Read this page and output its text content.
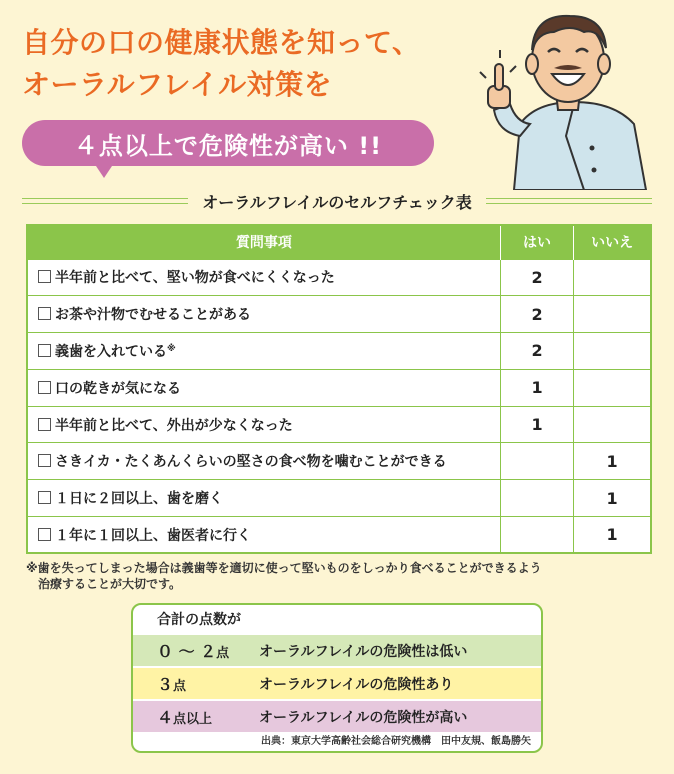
自分の口の健康状態を知って、
オーラルフレイル対策を
４点以上で危険性が高い !!
オーラルフレイルのセルフチェック表
質問事項	はい	いいえ
半年前と比べて、堅い物が食べにくくなった	2	
お茶や汁物でむせることがある	2	
義歯を入れている※	2	
口の乾きが気になる	1	
半年前と比べて、外出が少なくなった	1	
さきイカ・たくあんくらいの堅さの食べ物を噛むことができる		1
１日に２回以上、歯を磨く		1
１年に１回以上、歯医者に行く		1
※歯を失ってしまった場合は義歯等を適切に使って堅いものをしっかり食べることができるよう
治療することが大切です。
合計の点数が
０ ～ ２点	オーラルフレイルの危険性は低い
３点	オーラルフレイルの危険性あり
４点以上	オーラルフレイルの危険性が高い
出典：東京大学高齢社会総合研究機構　田中友規、飯島勝矢
